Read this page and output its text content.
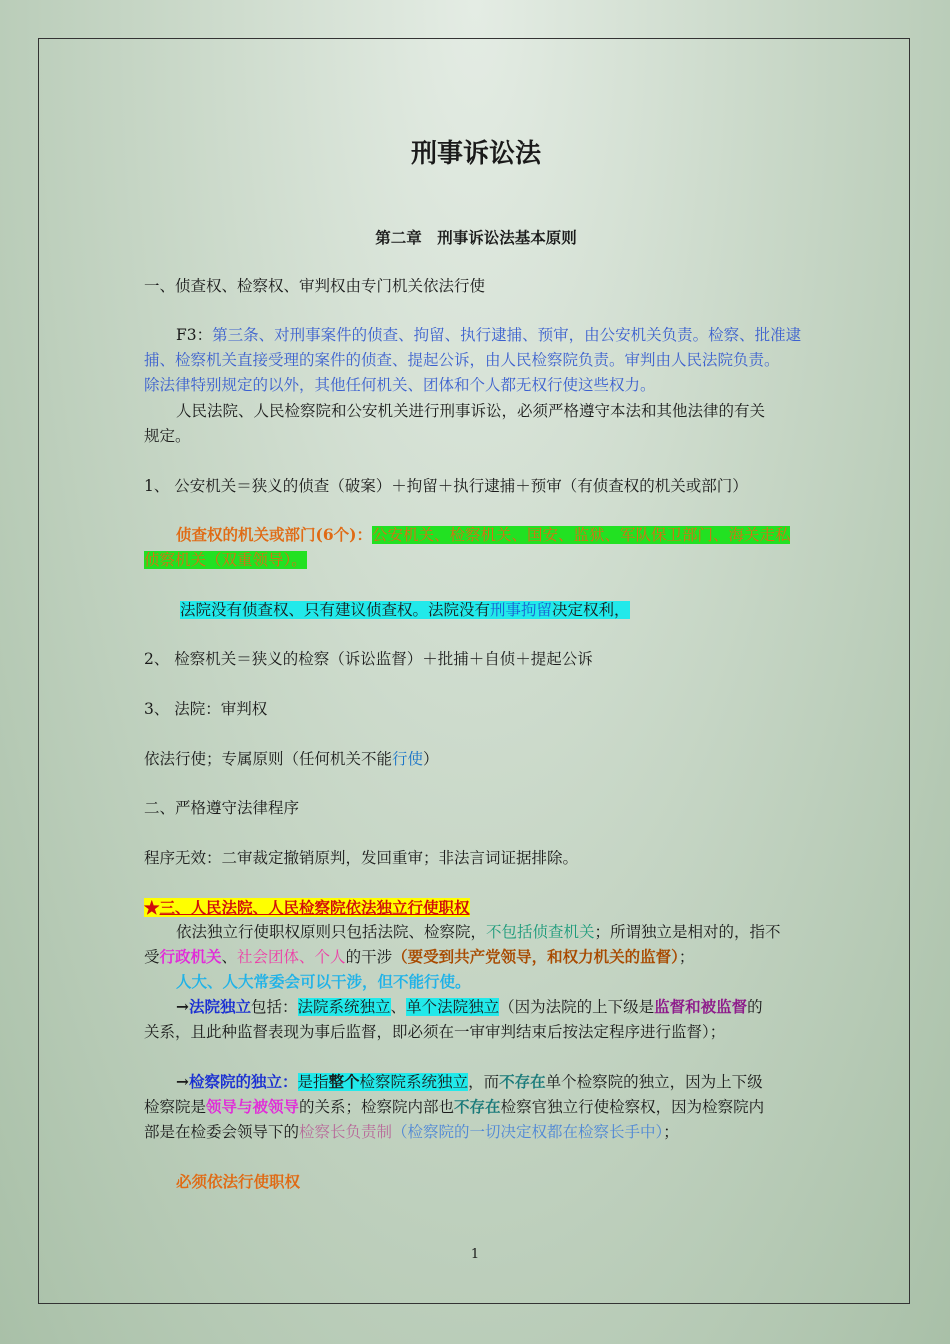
刑事诉讼法
第二章　刑事诉讼法基本原则
一、侦查权、检察权、审判权由专门机关依法行使
F3：第三条、对刑事案件的侦查、拘留、执行逮捕、预审，由公安机关负责。检察、批准逮
捕、检察机关直接受理的案件的侦查、提起公诉，由人民检察院负责。审判由人民法院负责。
除法律特别规定的以外，其他任何机关、团体和个人都无权行使这些权力。
人民法院、人民检察院和公安机关进行刑事诉讼，必须严格遵守本法和其他法律的有关
规定。
1、 公安机关＝狭义的侦查（破案）＋拘留＋执行逮捕＋预审（有侦查权的机关或部门）
侦查权的机关或部门(6个)：公安机关、检察机关、国安、监狱、军队保卫部门、海关走私
侦察机关（双重领导）。
法院没有侦查权、只有建议侦查权。法院没有刑事拘留决定权利，
2、 检察机关＝狭义的检察（诉讼监督）＋批捕＋自侦＋提起公诉
3、 法院：审判权
依法行使；专属原则（任何机关不能行使）
二、严格遵守法律程序
程序无效：二审裁定撤销原判，发回重审；非法言词证据排除。
★三、人民法院、人民检察院依法独立行使职权
依法独立行使职权原则只包括法院、检察院，不包括侦查机关；所谓独立是相对的，指不
受行政机关、社会团体、个人的干涉（要受到共产党领导，和权力机关的监督）；
人大、人大常委会可以干涉，但不能行使。
→法院独立包括：法院系统独立、单个法院独立（因为法院的上下级是监督和被监督的
关系，且此种监督表现为事后监督，即必须在一审审判结束后按法定程序进行监督）；
→检察院的独立：是指整个检察院系统独立，而不存在单个检察院的独立，因为上下级
检察院是领导与被领导的关系；检察院内部也不存在检察官独立行使检察权，因为检察院内
部是在检委会领导下的检察长负责制（检察院的一切决定权都在检察长手中）；
必须依法行使职权
1
